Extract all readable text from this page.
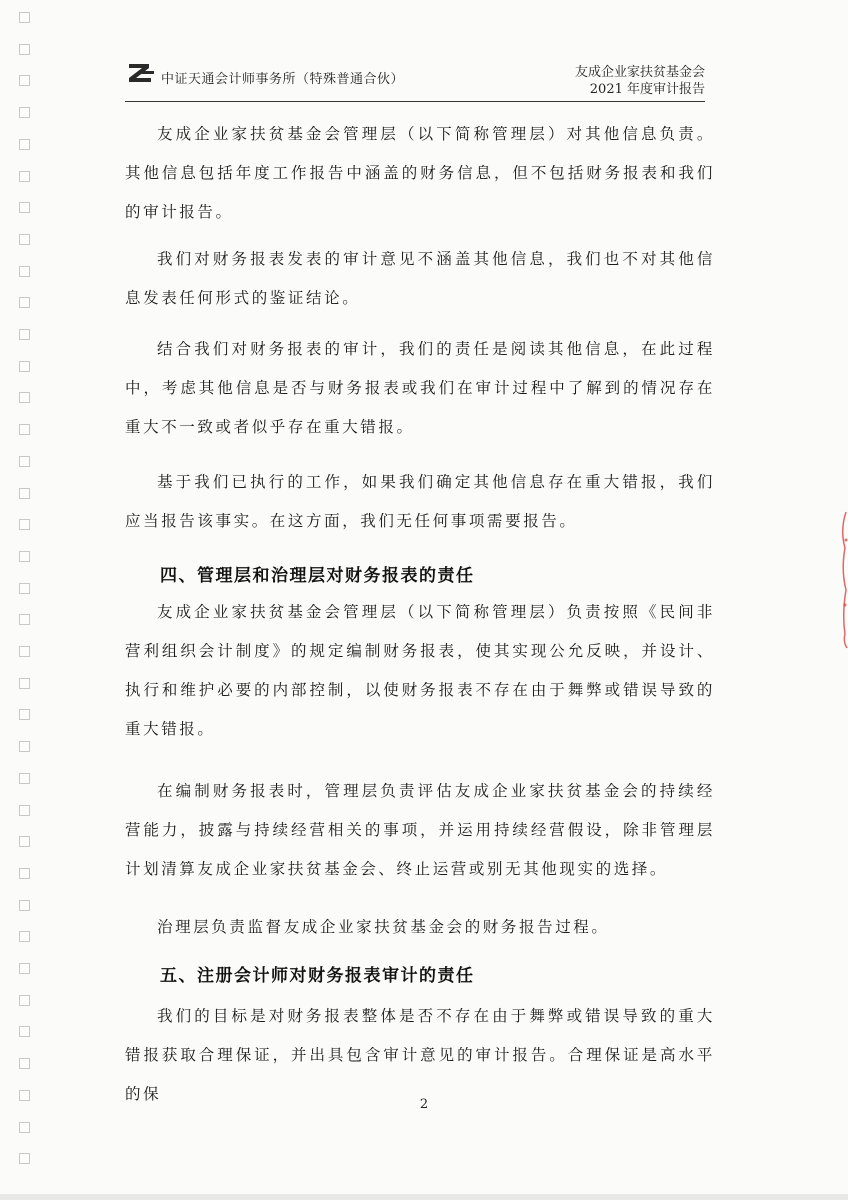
中证天通会计师事务所（特殊普通合伙）	友成企业家扶贫基金会
2021 年度审计报告

友成企业家扶贫基金会管理层（以下简称管理层）对其他信息负责。其他信息包括年度工作报告中涵盖的财务信息，但不包括财务报表和我们的审计报告。

我们对财务报表发表的审计意见不涵盖其他信息，我们也不对其他信息发表任何形式的鉴证结论。

结合我们对财务报表的审计，我们的责任是阅读其他信息，在此过程中，考虑其他信息是否与财务报表或我们在审计过程中了解到的情况存在重大不一致或者似乎存在重大错报。

基于我们已执行的工作，如果我们确定其他信息存在重大错报，我们应当报告该事实。在这方面，我们无任何事项需要报告。

四、管理层和治理层对财务报表的责任

友成企业家扶贫基金会管理层（以下简称管理层）负责按照《民间非营利组织会计制度》的规定编制财务报表，使其实现公允反映，并设计、执行和维护必要的内部控制，以使财务报表不存在由于舞弊或错误导致的重大错报。

在编制财务报表时，管理层负责评估友成企业家扶贫基金会的持续经营能力，披露与持续经营相关的事项，并运用持续经营假设，除非管理层计划清算友成企业家扶贫基金会、终止运营或别无其他现实的选择。

治理层负责监督友成企业家扶贫基金会的财务报告过程。

五、注册会计师对财务报表审计的责任

我们的目标是对财务报表整体是否不存在由于舞弊或错误导致的重大错报获取合理保证，并出具包含审计意见的审计报告。合理保证是高水平的保

2
